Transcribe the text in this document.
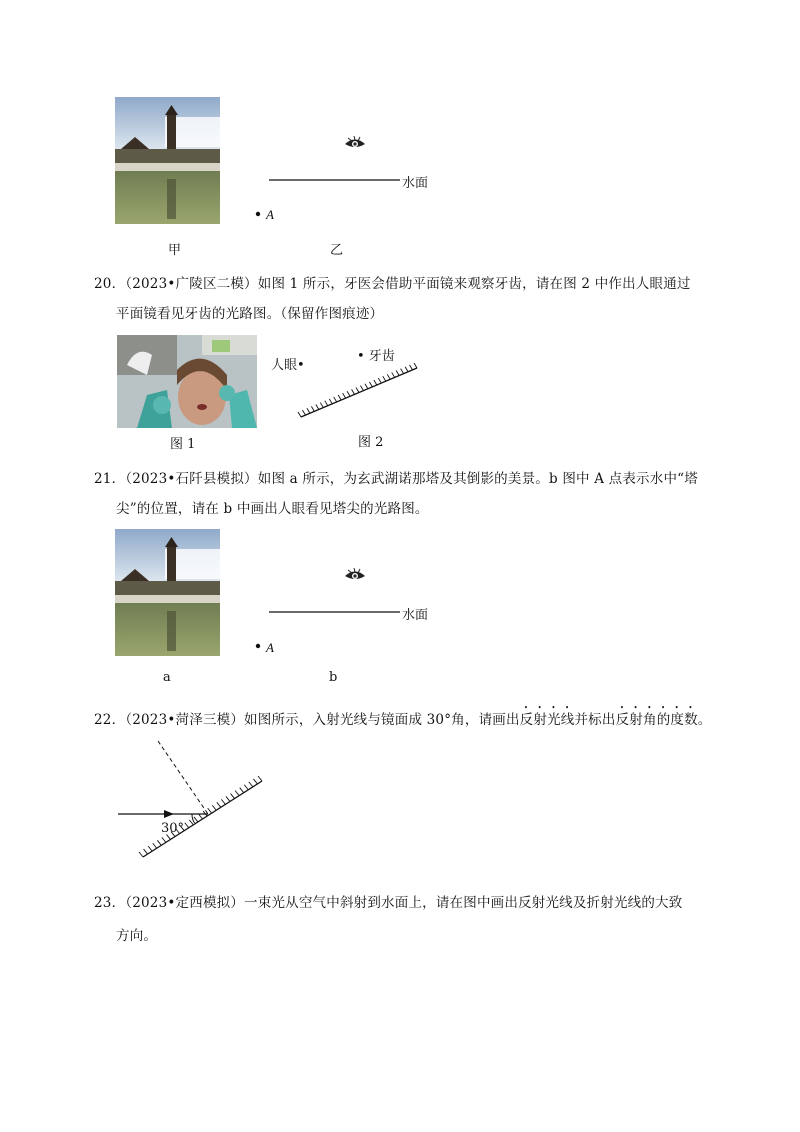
水面
A
甲	乙
20．（2023•广陵区二模）如图 1 所示，牙医会借助平面镜来观察牙齿，请在图 2 中作出人眼通过
平面镜看见牙齿的光路图。（保留作图痕迹）
人眼•
• 牙齿
图 1	图 2
21．（2023•石阡县模拟）如图 a 所示，为玄武湖诺那塔及其倒影的美景。b 图中 A 点表示水中“塔
尖”的位置，请在 b 中画出人眼看见塔尖的光路图。
水面
A
a	b
22．（2023•菏泽三模）如图所示，入射光线与镜面成 30°角，请画出反射光线并标出反射角的度数。
30°
23．（2023•定西模拟）一束光从空气中斜射到水面上，请在图中画出反射光线及折射光线的大致
方向。
